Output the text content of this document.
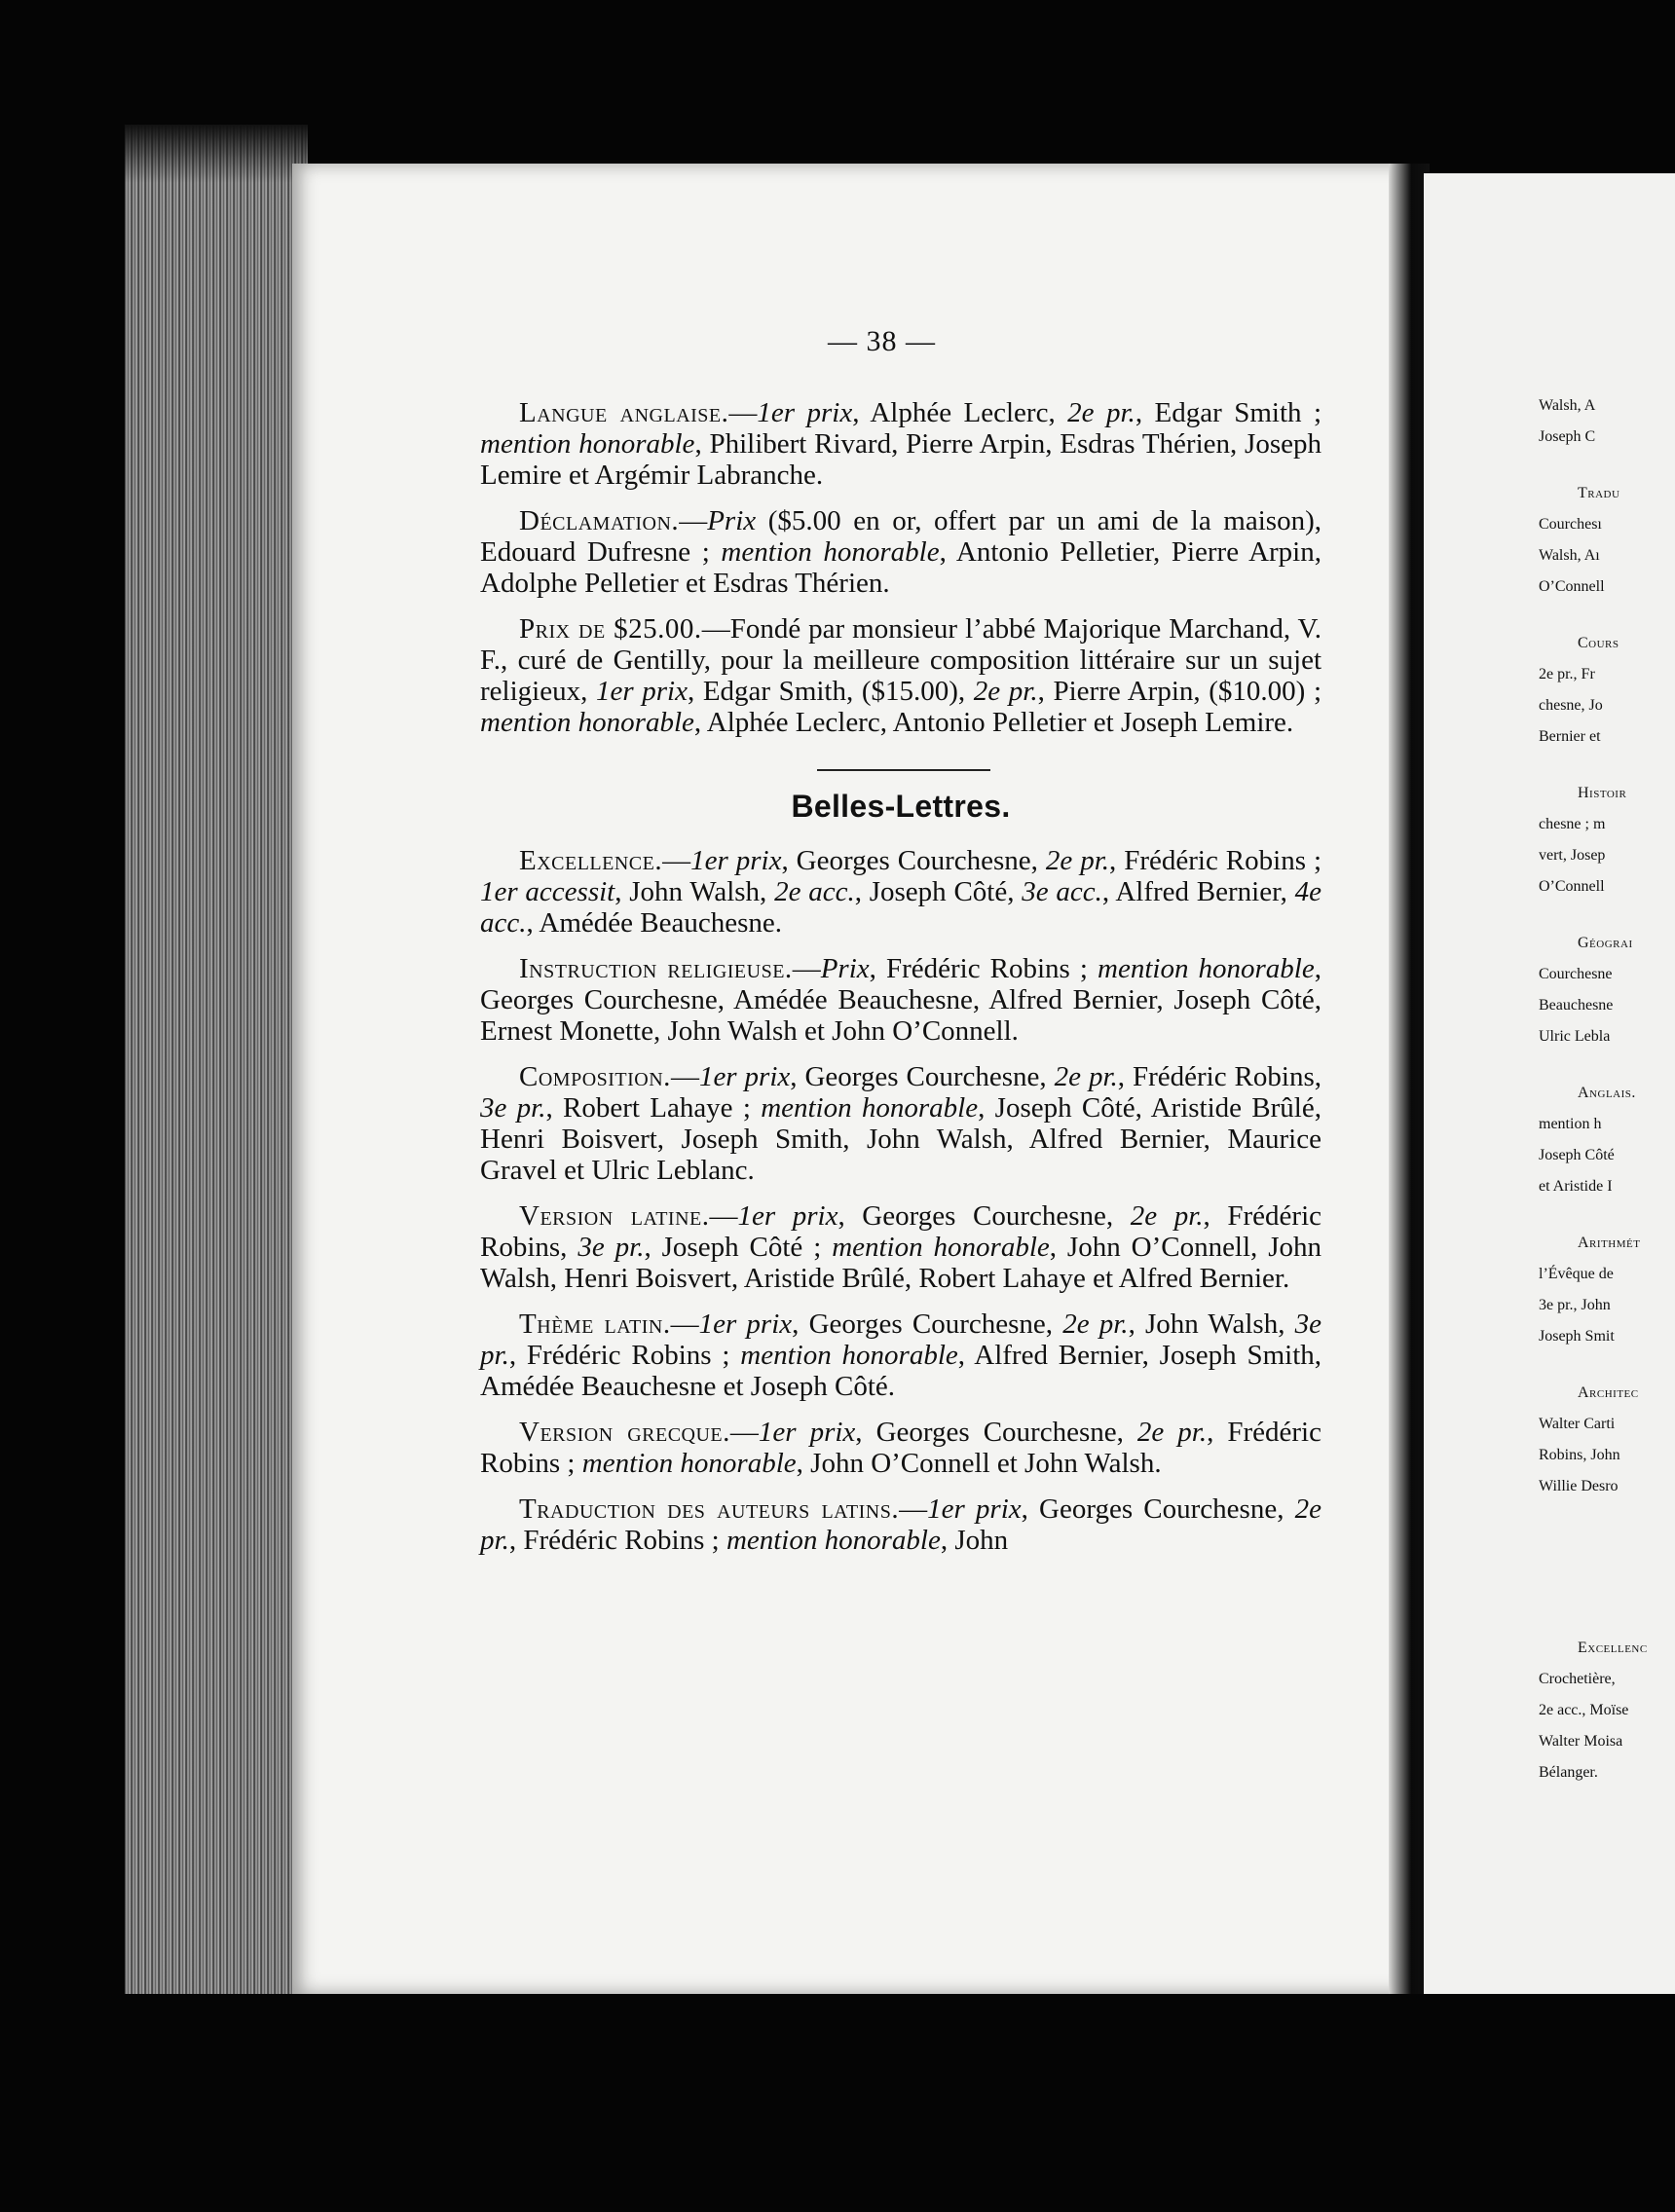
— 38 —

Langue anglaise.—1er prix, Alphée Leclerc, 2e pr., Edgar Smith ; mention honorable, Philibert Rivard, Pierre Arpin, Esdras Thérien, Joseph Lemire et Argémir Labranche.

Déclamation.—Prix ($5.00 en or, offert par un ami de la maison), Edouard Dufresne ; mention honorable, Antonio Pelletier, Pierre Arpin, Adolphe Pelletier et Esdras Thérien.

Prix de $25.00.—Fondé par monsieur l’abbé Majorique Marchand, V. F., curé de Gentilly, pour la meilleure composition littéraire sur un sujet religieux, 1er prix, Edgar Smith, ($15.00), 2e pr., Pierre Arpin, ($10.00) ; mention honorable, Alphée Leclerc, Antonio Pelletier et Joseph Lemire.

Belles-Lettres.

Excellence.—1er prix, Georges Courchesne, 2e pr., Frédéric Robins ; 1er accessit, John Walsh, 2e acc., Joseph Côté, 3e acc., Alfred Bernier, 4e acc., Amédée Beauchesne.

Instruction religieuse.—Prix, Frédéric Robins ; mention honorable, Georges Courchesne, Amédée Beauchesne, Alfred Bernier, Joseph Côté, Ernest Monette, John Walsh et John O’Connell.

Composition.—1er prix, Georges Courchesne, 2e pr., Frédéric Robins, 3e pr., Robert Lahaye ; mention honorable, Joseph Côté, Aristide Brûlé, Henri Boisvert, Joseph Smith, John Walsh, Alfred Bernier, Maurice Gravel et Ulric Leblanc.

Version latine.—1er prix, Georges Courchesne, 2e pr., Frédéric Robins, 3e pr., Joseph Côté ; mention honorable, John O’Connell, John Walsh, Henri Boisvert, Aristide Brûlé, Robert Lahaye et Alfred Bernier.

Thème latin.—1er prix, Georges Courchesne, 2e pr., John Walsh, 3e pr., Frédéric Robins ; mention honorable, Alfred Bernier, Joseph Smith, Amédée Beauchesne et Joseph Côté.

Version grecque.—1er prix, Georges Courchesne, 2e pr., Frédéric Robins ; mention honorable, John O’Connell et John Walsh.

Traduction des auteurs latins.—1er prix, Georges Courchesne, 2e pr., Frédéric Robins ; mention honorable, John

Walsh, A
Joseph C
Tradu
Courchesı
Walsh, Aı
O’Connell
Cours
2e pr., Fr
chesne, Jo
Bernier et
Histoir
chesne ; m
vert, Josep
O’Connell
Géograı
Courchesne
Beauchesne
Ulric Lebla
Anglais.
mention h
Joseph Côté
et Aristide I
Arithmét
l’Évêque de
3e pr., John
Joseph Smit
Architec
Walter Carti
Robins, John
Willie Desro
Excellenc
Crochetière,
2e acc., Moïse
Walter Moisa
Bélanger.
